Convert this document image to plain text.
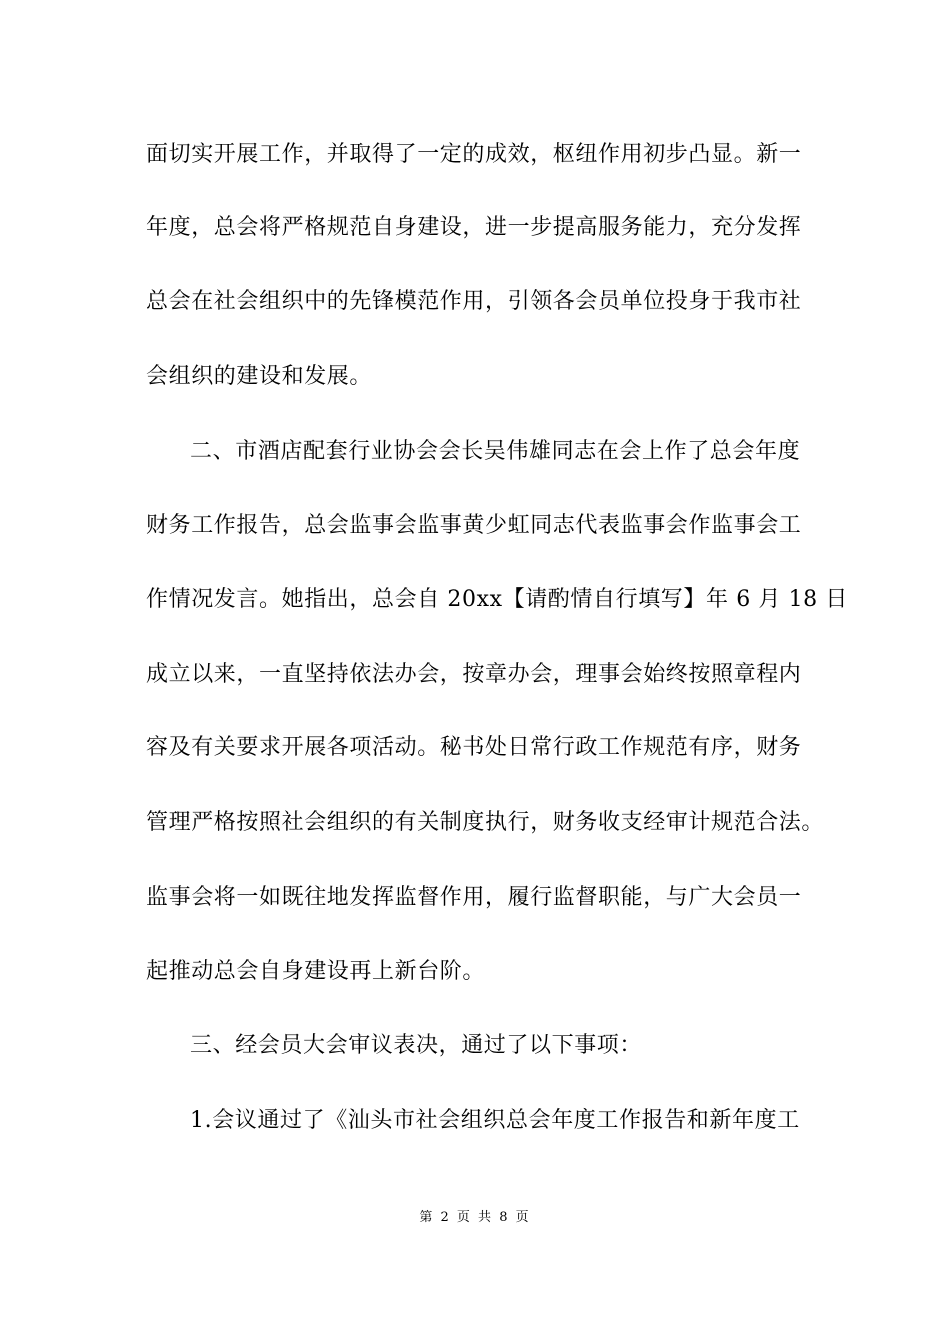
面切实开展工作，并取得了一定的成效，枢纽作用初步凸显。新一
年度，总会将严格规范自身建设，进一步提高服务能力，充分发挥
总会在社会组织中的先锋模范作用，引领各会员单位投身于我市社
会组织的建设和发展。
二、市酒店配套行业协会会长吴伟雄同志在会上作了总会年度
财务工作报告，总会监事会监事黄少虹同志代表监事会作监事会工
作情况发言。她指出，总会自 20xx【请酌情自行填写】年 6 月 18 日
成立以来，一直坚持依法办会，按章办会，理事会始终按照章程内
容及有关要求开展各项活动。秘书处日常行政工作规范有序，财务
管理严格按照社会组织的有关制度执行，财务收支经审计规范合法。
监事会将一如既往地发挥监督作用，履行监督职能，与广大会员一
起推动总会自身建设再上新台阶。
三、经会员大会审议表决，通过了以下事项：
1.会议通过了《汕头市社会组织总会年度工作报告和新年度工
第 2 页 共 8 页
